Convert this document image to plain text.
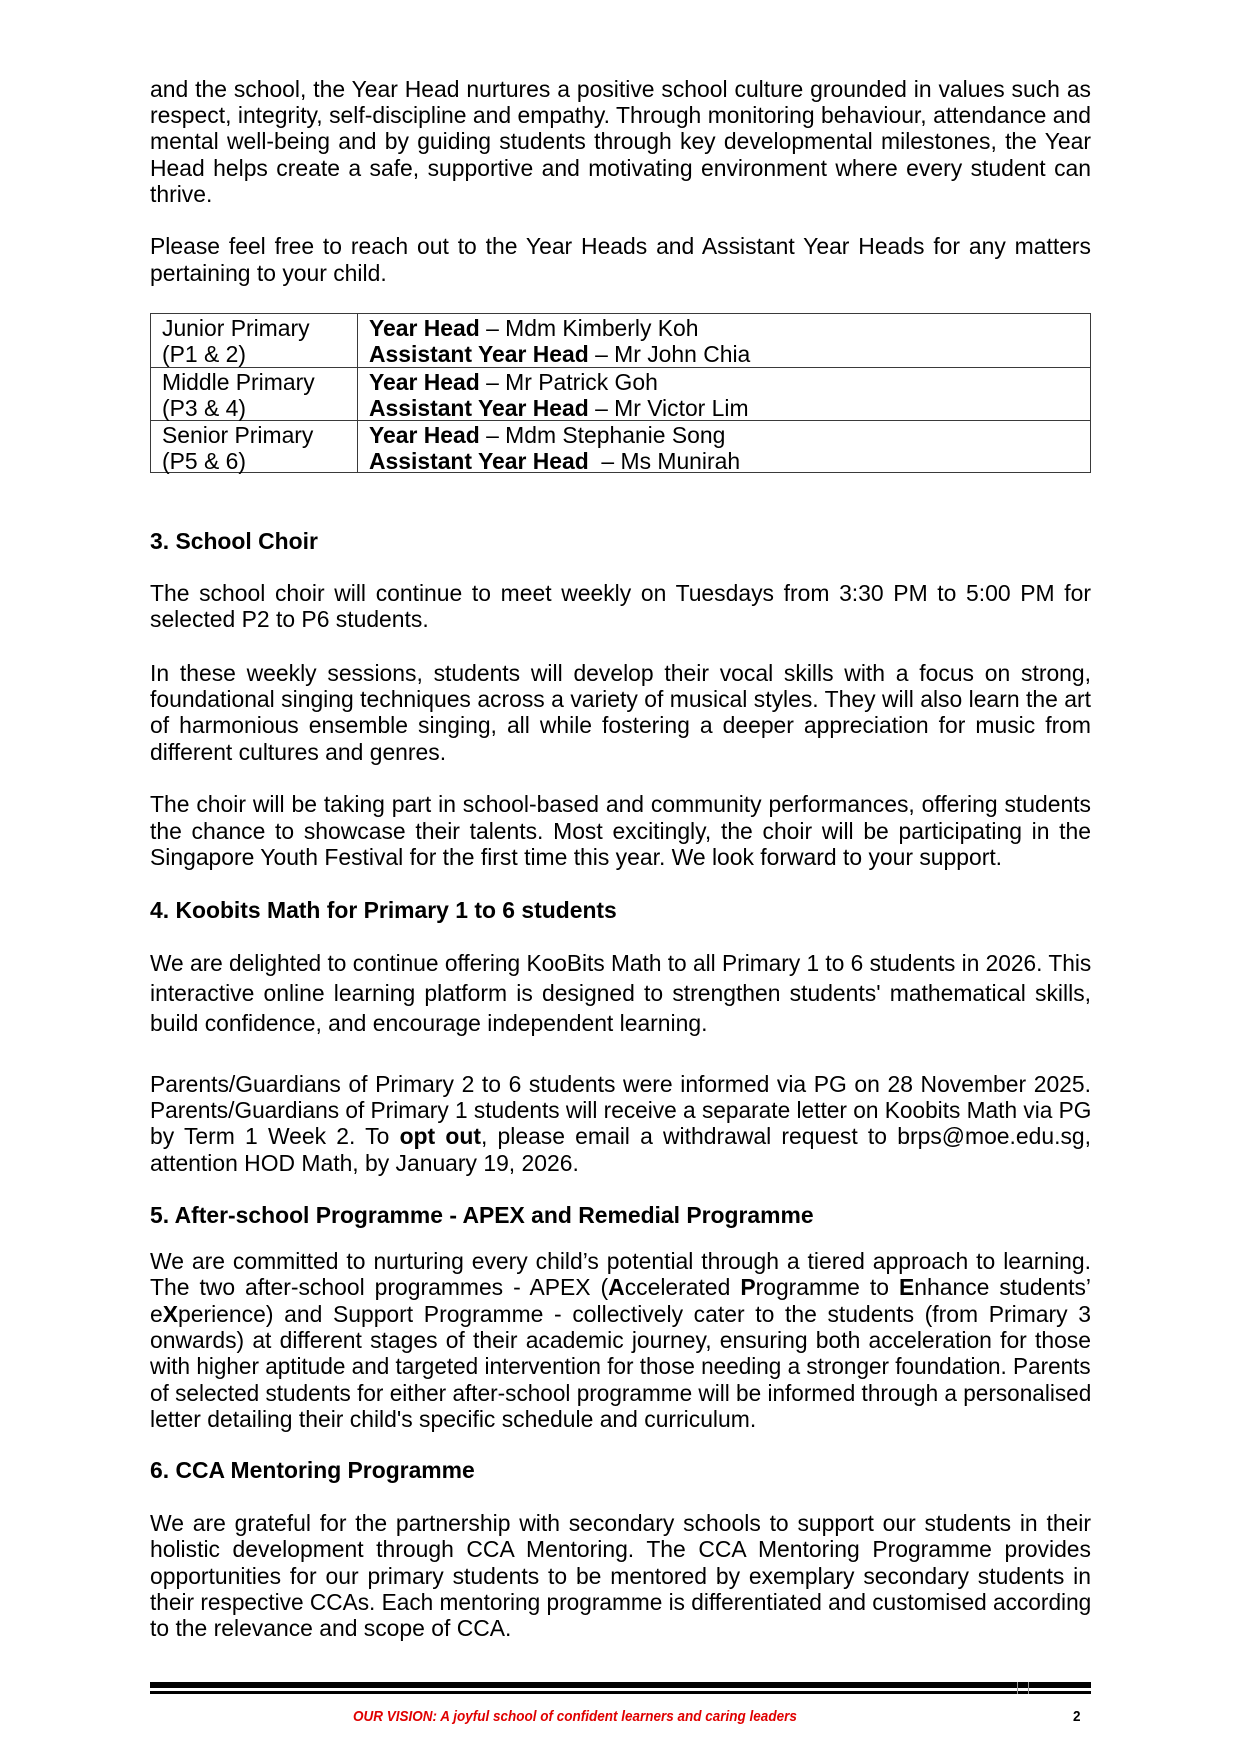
and the school, the Year Head nurtures a positive school culture grounded in values such as
respect, integrity, self-discipline and empathy. Through monitoring behaviour, attendance and
mental well-being and by guiding students through key developmental milestones, the Year
Head helps create a safe, supportive and motivating environment where every student can
thrive.
Please feel free to reach out to the Year Heads and Assistant Year Heads for any matters
pertaining to your child.
Junior Primary
(P1 & 2)
Year Head – Mdm Kimberly Koh
Assistant Year Head – Mr John Chia
Middle Primary
(P3 & 4)
Year Head – Mr Patrick Goh
Assistant Year Head – Mr Victor Lim
Senior Primary
(P5 & 6)
Year Head – Mdm Stephanie Song
Assistant Year Head  – Ms Munirah
3. School Choir
The school choir will continue to meet weekly on Tuesdays from 3:30 PM to 5:00 PM for
selected P2 to P6 students.
In these weekly sessions, students will develop their vocal skills with a focus on strong,
foundational singing techniques across a variety of musical styles. They will also learn the art
of harmonious ensemble singing, all while fostering a deeper appreciation for music from
different cultures and genres.
The choir will be taking part in school-based and community performances, offering students
the chance to showcase their talents. Most excitingly, the choir will be participating in the
Singapore Youth Festival for the first time this year. We look forward to your support.
4. Koobits Math for Primary 1 to 6 students
We are delighted to continue offering KooBits Math to all Primary 1 to 6 students in 2026. This
interactive online learning platform is designed to strengthen students' mathematical skills,
build confidence, and encourage independent learning.
Parents/Guardians of Primary 2 to 6 students were informed via PG on 28 November 2025.
Parents/Guardians of Primary 1 students will receive a separate letter on Koobits Math via PG
by Term 1 Week 2. To opt out, please email a withdrawal request to brps@moe.edu.sg,
attention HOD Math, by January 19, 2026.
5. After-school Programme - APEX and Remedial Programme
We are committed to nurturing every child’s potential through a tiered approach to learning.
The two after-school programmes - APEX (Accelerated Programme to Enhance students’
eXperience) and Support Programme - collectively cater to the students (from Primary 3
onwards) at different stages of their academic journey, ensuring both acceleration for those
with higher aptitude and targeted intervention for those needing a stronger foundation. Parents
of selected students for either after-school programme will be informed through a personalised
letter detailing their child's specific schedule and curriculum.
6. CCA Mentoring Programme
We are grateful for the partnership with secondary schools to support our students in their
holistic development through CCA Mentoring. The CCA Mentoring Programme provides
opportunities for our primary students to be mentored by exemplary secondary students in
their respective CCAs. Each mentoring programme is differentiated and customised according
to the relevance and scope of CCA.
OUR VISION: A joyful school of confident learners and caring leaders	2
